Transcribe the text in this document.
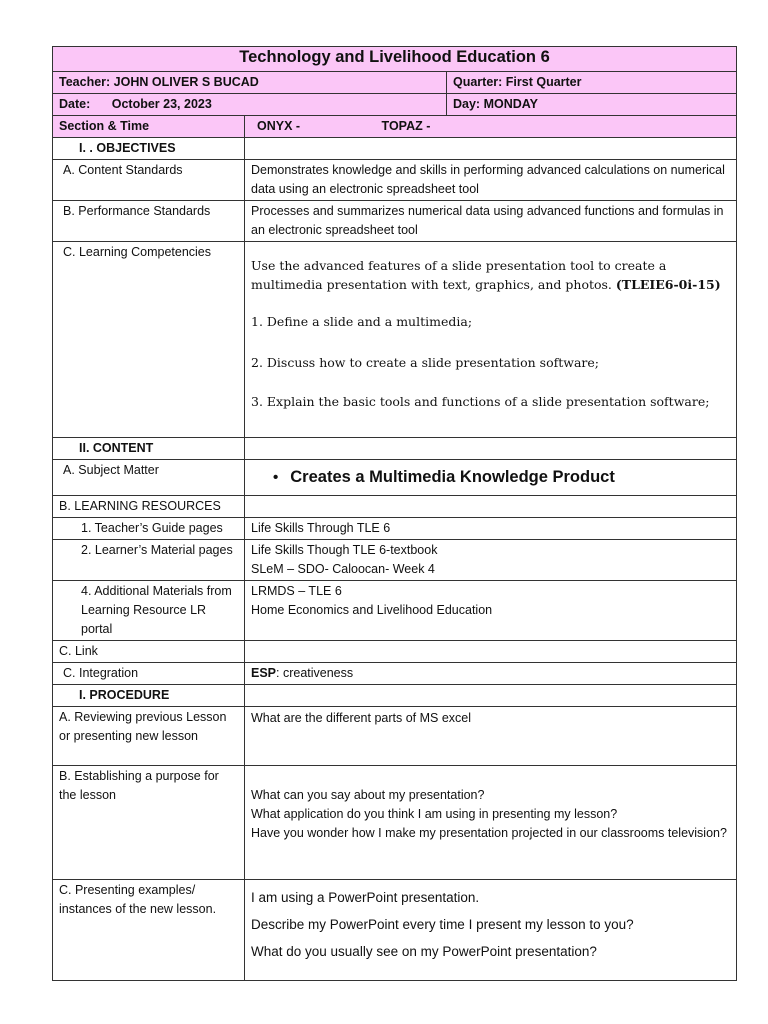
Technology and Livelihood Education 6		
Teacher: JOHN OLIVER S BUCAD		Quarter: First Quarter
Date: October 23, 2023		Day: MONDAY
Section & Time	ONYX - TOPAZ -	
I. . OBJECTIVES		
A. Content Standards	Demonstrates knowledge and skills in performing advanced calculations on numerical data using an electronic spreadsheet tool	
B. Performance Standards	Processes and summarizes numerical data using advanced functions and formulas in an electronic spreadsheet tool	
C. Learning Competencies	Use the advanced features of a slide presentation tool to create a multimedia presentation with text, graphics, and photos. (TLEIE6-0i-15)
1. Define a slide and a multimedia;
2. Discuss how to create a slide presentation software;
3. Explain the basic tools and functions of a slide presentation software;	

II. CONTENT		
A. Subject Matter	• Creates a Multimedia Knowledge Product
B. LEARNING RESOURCES		
1. Teacher’s Guide pages	Life Skills Through TLE 6	
2. Learner’s Material pages	Life Skills Though TLE 6-textbook
SLeM – SDO- Caloocan- Week 4	

4. Additional Materials from Learning Resource LR portal	LRMDS – TLE 6
Home Economics and Livelihood Education	

C. Link		
C. Integration	ESP: creativeness	
I. PROCEDURE		
A. Reviewing previous Lesson or presenting new lesson	What are the different parts of MS excel	
B. Establishing a purpose for the lesson	What can you say about my presentation?
What application do you think I am using in presenting my lesson?
Have you wonder how I make my presentation projected in our classrooms television?	

C. Presenting examples/ instances of the new lesson.	I am using a PowerPoint presentation.
Describe my PowerPoint every time I present my lesson to you?
What do you usually see on my PowerPoint presentation?	
